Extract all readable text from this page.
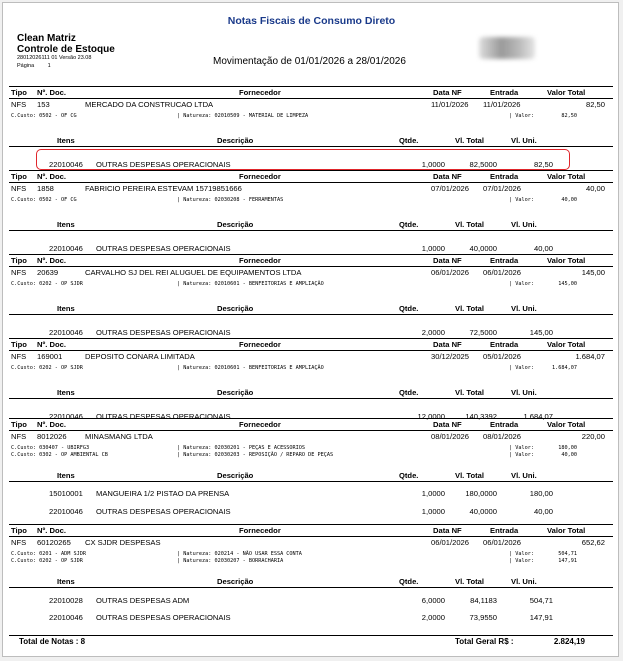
Notas Fiscais de Consumo Direto
Clean Matriz
Controle de Estoque
28012026111 01 Versão 23.08
Página 1	Movimentação de 01/01/2026 a 28/01/2026
Tipo Nº. Doc.	Fornecedor	Data NF	Entrada	Valor Total
NFS 153	MERCADO DA CONSTRUCAO LTDA	11/01/2026 11/01/2026	82,50
C.Custo: 0502 - OF CG	| Natureza: 02010509 - MATERIAL DE LIMPEZA	| Valor:	82,50
Itens	Descrição	Qtde.	Vl. Total	Vl. Uni.
22010046 OUTRAS DESPESAS OPERACIONAIS	1,0000	82,5000	82,50
Tipo Nº. Doc.	Fornecedor	Data NF	Entrada	Valor Total
NFS 1858	FABRICIO PEREIRA ESTEVAM 15719851666	07/01/2026 07/01/2026	40,00
C.Custo: 0502 - OF CG	| Natureza: 02030208 - FERRAMENTAS	| Valor:	40,00
Itens	Descrição	Qtde.	Vl. Total	Vl. Uni.
22010046 OUTRAS DESPESAS OPERACIONAIS	1,0000	40,0000	40,00
Tipo Nº. Doc.	Fornecedor	Data NF	Entrada	Valor Total
NFS 20639	CARVALHO SJ DEL REI ALUGUEL DE EQUIPAMENTOS LTDA	06/01/2026 06/01/2026	145,00
C.Custo: 0202 - OP SJDR	| Natureza: 02010601 - BENFEITORIAS E AMPLIAÇÃO	| Valor:	145,00
Itens	Descrição	Qtde.	Vl. Total	Vl. Uni.
22010046 OUTRAS DESPESAS OPERACIONAIS	2,0000	72,5000	145,00
Tipo Nº. Doc.	Fornecedor	Data NF	Entrada	Valor Total
NFS 169001	DEPOSITO CONARA LIMITADA	30/12/2025 05/01/2026	1.684,07
C.Custo: 0202 - OP SJDR	| Natureza: 02010601 - BENFEITORIAS E AMPLIAÇÃO	| Valor:	1.684,07
Itens	Descrição	Qtde.	Vl. Total	Vl. Uni.
22010046 OUTRAS DESPESAS OPERACIONAIS	12,0000	140,3392	1.684,07
Tipo Nº. Doc.	Fornecedor	Data NF	Entrada	Valor Total
NFS 8012026 MINASMANG LTDA	08/01/2026 08/01/2026	220,00
C.Custo: 030407 - UBIRFG3	| Natureza: 02030201 - PEÇAS E ACESSORIOS	| Valor:	180,00
C.Custo: 0302 - OP AMBIENTAL CB	| Natureza: 02030203 - REPOSIÇÃO / REPARO DE PEÇAS	| Valor:	40,00
Itens	Descrição	Qtde.	Vl. Total	Vl. Uni.
15010001 MANGUEIRA 1/2 PISTAO DA PRENSA	1,0000	180,0000	180,00
22010046 OUTRAS DESPESAS OPERACIONAIS	1,0000	40,0000	40,00
Tipo Nº. Doc.	Fornecedor	Data NF	Entrada	Valor Total
NFS 60120265 CX SJDR DESPESAS	06/01/2026 06/01/2026	652,62
C.Custo: 0201 - ADM SJDR	| Natureza: 020214 - NÃO USAR ESSA CONTA	| Valor:	504,71
C.Custo: 0202 - OP SJDR	| Natureza: 02030207 - BORRACHARIA	| Valor:	147,91
Itens	Descrição	Qtde.	Vl. Total	Vl. Uni.
22010028 OUTRAS DESPESAS ADM	6,0000	84,1183	504,71
22010046 OUTRAS DESPESAS OPERACIONAIS	2,0000	73,9550	147,91
Total de Notas : 8	Total Geral R$ :	2.824,19
